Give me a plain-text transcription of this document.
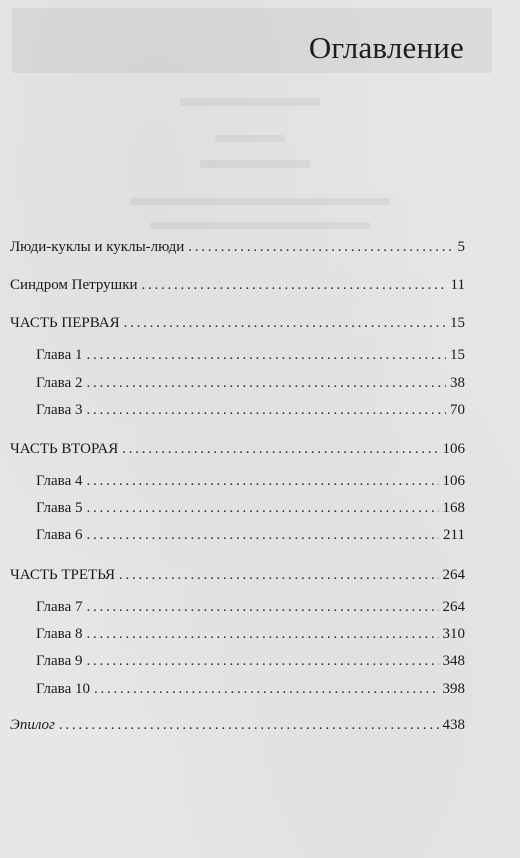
Оглавление
Люди-куклы и куклы-люди . . .	5
Синдром Петрушки . . .	11
ЧАСТЬ ПЕРВАЯ . . .	15
Глава 1 . . .	15
Глава 2 . . .	38
Глава 3 . . .	70
ЧАСТЬ ВТОРАЯ . . .	106
Глава 4 . . .	106
Глава 5 . . .	168
Глава 6 . . .	211
ЧАСТЬ ТРЕТЬЯ . . .	264
Глава 7 . . .	264
Глава 8 . . .	310
Глава 9 . . .	348
Глава 10 . . .	398
Эпилог . . .	438
